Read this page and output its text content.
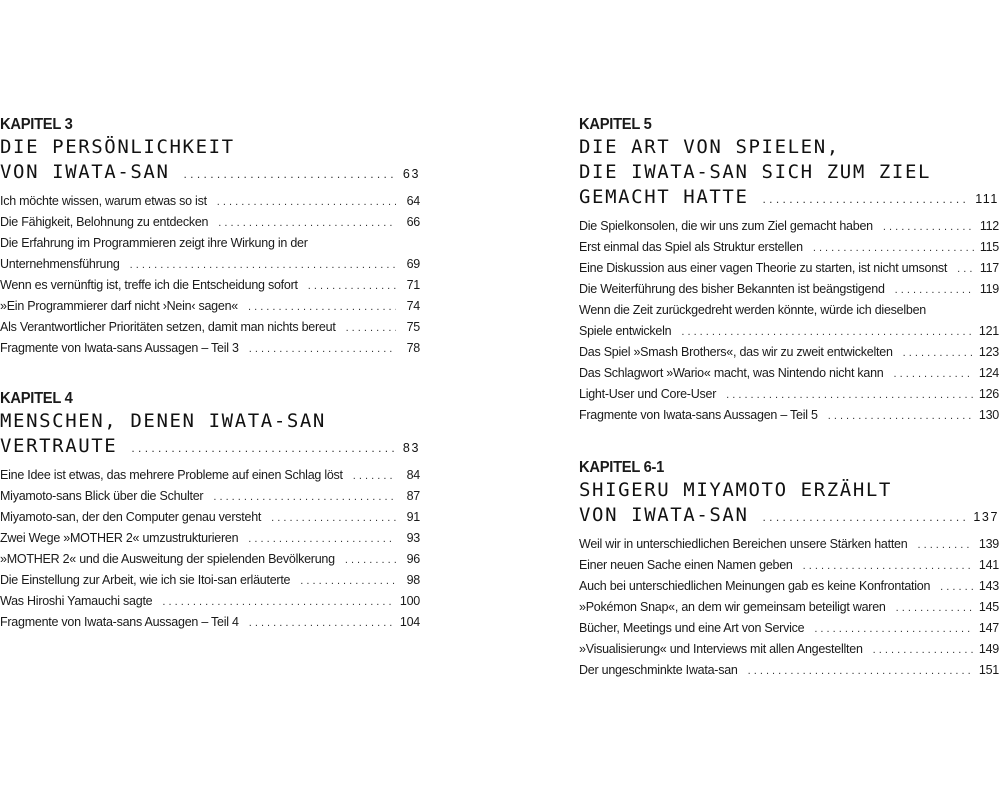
KAPITEL 3
DIE PERSÖNLICHKEIT
VON IWATA-SAN . . .	63
Ich möchte wissen, warum etwas so ist . . .	64
Die Fähigkeit, Belohnung zu entdecken . . .	66
Die Erfahrung im Programmieren zeigt ihre Wirkung in der
Unternehmensführung . . .	69
Wenn es vernünftig ist, treffe ich die Entscheidung sofort . . .	71
»Ein Programmierer darf nicht ›Nein‹ sagen« . . .	74
Als Verantwortlicher Prioritäten setzen, damit man nichts bereut . . .	75
Fragmente von Iwata-sans Aussagen – Teil 3 . . .	78
KAPITEL 4
MENSCHEN, DENEN IWATA-SAN
VERTRAUTE . . .	83
Eine Idee ist etwas, das mehrere Probleme auf einen Schlag löst . . .	84
Miyamoto-sans Blick über die Schulter . . .	87
Miyamoto-san, der den Computer genau versteht . . .	91
Zwei Wege »MOTHER 2« umzustrukturieren . . .	93
»MOTHER 2« und die Ausweitung der spielenden Bevölkerung . . .	96
Die Einstellung zur Arbeit, wie ich sie Itoi-san erläuterte . . .	98
Was Hiroshi Yamauchi sagte . . .	100
Fragmente von Iwata-sans Aussagen – Teil 4 . . .	104
KAPITEL 5
DIE ART VON SPIELEN,
DIE IWATA-SAN SICH ZUM ZIEL
GEMACHT HATTE . . .	111
Die Spielkonsolen, die wir uns zum Ziel gemacht haben . . .	112
Erst einmal das Spiel als Struktur erstellen . . .	115
Eine Diskussion aus einer vagen Theorie zu starten, ist nicht umsonst . . .	117
Die Weiterführung des bisher Bekannten ist beängstigend . . .	119
Wenn die Zeit zurückgedreht werden könnte, würde ich dieselben
Spiele entwickeln . . .	121
Das Spiel »Smash Brothers«, das wir zu zweit entwickelten . . .	123
Das Schlagwort »Wario« macht, was Nintendo nicht kann . . .	124
Light-User und Core-User . . .	126
Fragmente von Iwata-sans Aussagen – Teil 5 . . .	130
KAPITEL 6-1
SHIGERU MIYAMOTO ERZÄHLT
VON IWATA-SAN . . .	137
Weil wir in unterschiedlichen Bereichen unsere Stärken hatten . . .	139
Einer neuen Sache einen Namen geben . . .	141
Auch bei unterschiedlichen Meinungen gab es keine Konfrontation . . .	143
»Pokémon Snap«, an dem wir gemeinsam beteiligt waren . . .	145
Bücher, Meetings und eine Art von Service . . .	147
»Visualisierung« und Interviews mit allen Angestellten . . .	149
Der ungeschminkte Iwata-san . . .	151
